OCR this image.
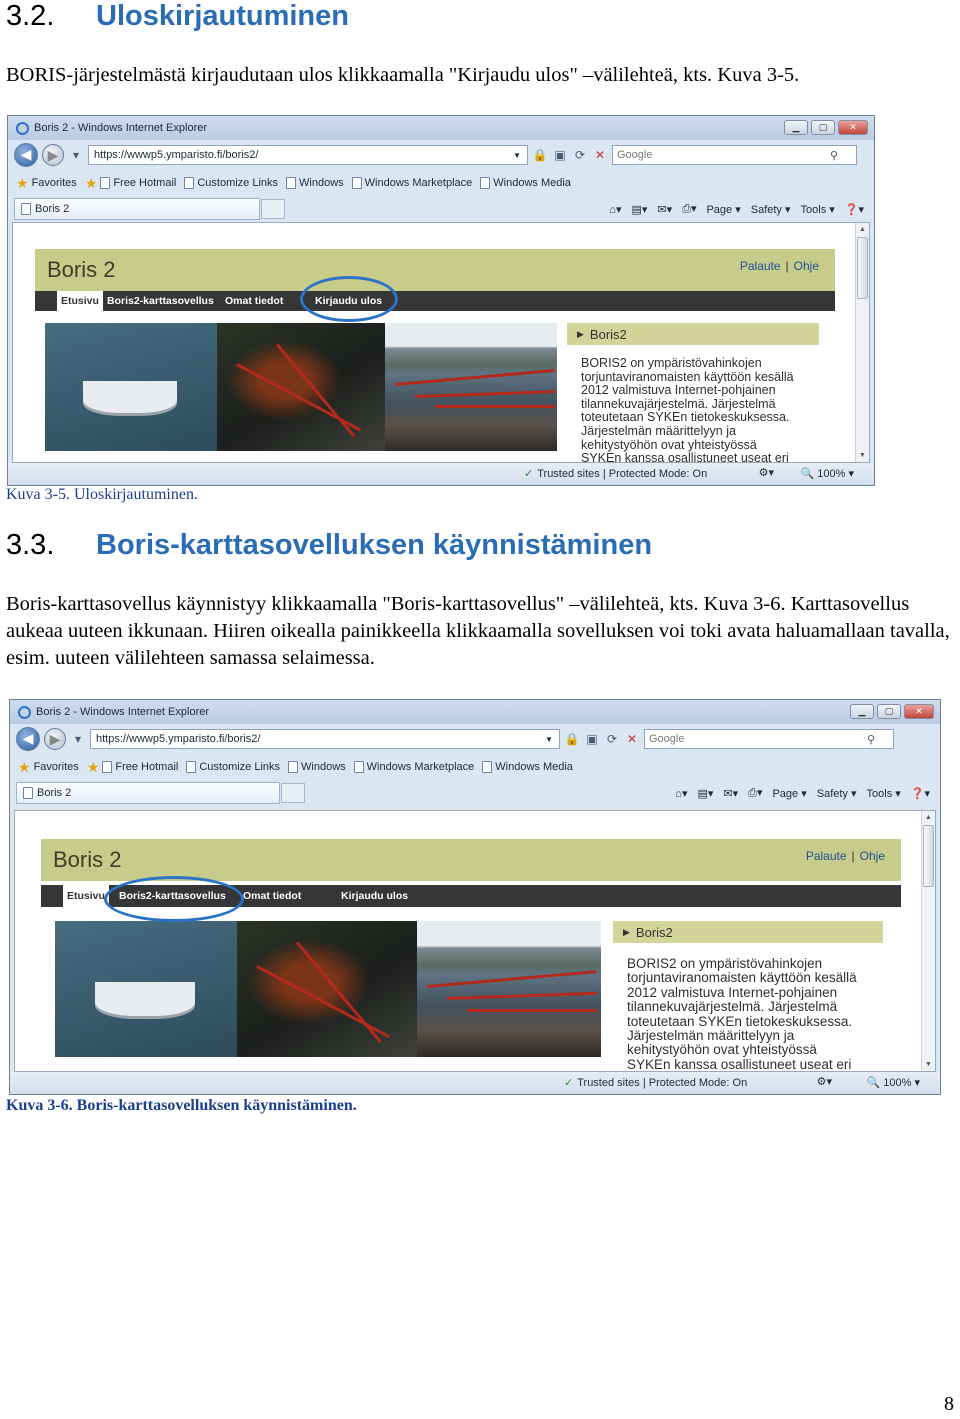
3.2. Uloskirjautuminen
BORIS-järjestelmästä kirjaudutaan ulos klikkaamalla "Kirjaudu ulos" –välilehteä, kts. Kuva 3-5.
Boris 2 - Windows Internet Explorer	▁	▢	✕
◀	▶	▾	https://wwwp5.ymparisto.fi/boris2/	▼ 🔒 ▣ ⟳ ✕ Google	⚲
★ Favorites ★ Free Hotmail Customize Links Windows Windows Marketplace Windows Media
Boris 2	⌂▾ ▤▾ ✉▾ ⎙▾ Page ▾ Safety ▾ Tools ▾ ❓▾
▲
▼
Boris 2	Palaute | Ohje
Etusivu Boris2-karttasovellus Omat tiedot	Kirjaudu ulos
▶ Boris2
BORIS2 on ympäristövahinkojen
torjuntaviranomaisten käyttöön kesällä
2012 valmistuva Internet-pohjainen
tilannekuvajärjestelmä. Järjestelmä
toteutetaan SYKEn tietokeskuksessa.
Järjestelmän määrittelyyn ja
kehitystyöhön ovat yhteistyössä
SYKEn kanssa osallistuneet useat eri
✓ Trusted sites | Protected Mode: On	⚙▾ 🔍 100% ▾
Kuva 3-5. Uloskirjautuminen.
3.3. Boris-karttasovelluksen käynnistäminen
Boris-karttasovellus käynnistyy klikkaamalla "Boris-karttasovellus" –välilehteä, kts. Kuva 3-6. Karttasovellus aukeaa uuteen ikkunaan. Hiiren oikealla painikkeella klikkaamalla sovelluksen voi toki avata haluamallaan tavalla, esim. uuteen välilehteen samassa selaimessa.
Boris 2 - Windows Internet Explorer	▁	▢	✕
◀	▶	▾	https://wwwp5.ymparisto.fi/boris2/	▼ 🔒 ▣ ⟳ ✕ Google	⚲
★ Favorites ★ Free Hotmail Customize Links Windows Windows Marketplace Windows Media
Boris 2	⌂▾ ▤▾ ✉▾ ⎙▾ Page ▾ Safety ▾ Tools ▾ ❓▾
▲
▼
Boris 2	Palaute | Ohje
Etusivu	Boris2-karttasovellus Omat tiedot	Kirjaudu ulos
▶ Boris2
BORIS2 on ympäristövahinkojen
torjuntaviranomaisten käyttöön kesällä
2012 valmistuva Internet-pohjainen
tilannekuvajärjestelmä. Järjestelmä
toteutetaan SYKEn tietokeskuksessa.
Järjestelmän määrittelyyn ja
kehitystyöhön ovat yhteistyössä
SYKEn kanssa osallistuneet useat eri
✓ Trusted sites | Protected Mode: On	⚙▾	🔍 100% ▾
Kuva 3-6. Boris-karttasovelluksen käynnistäminen.
8
